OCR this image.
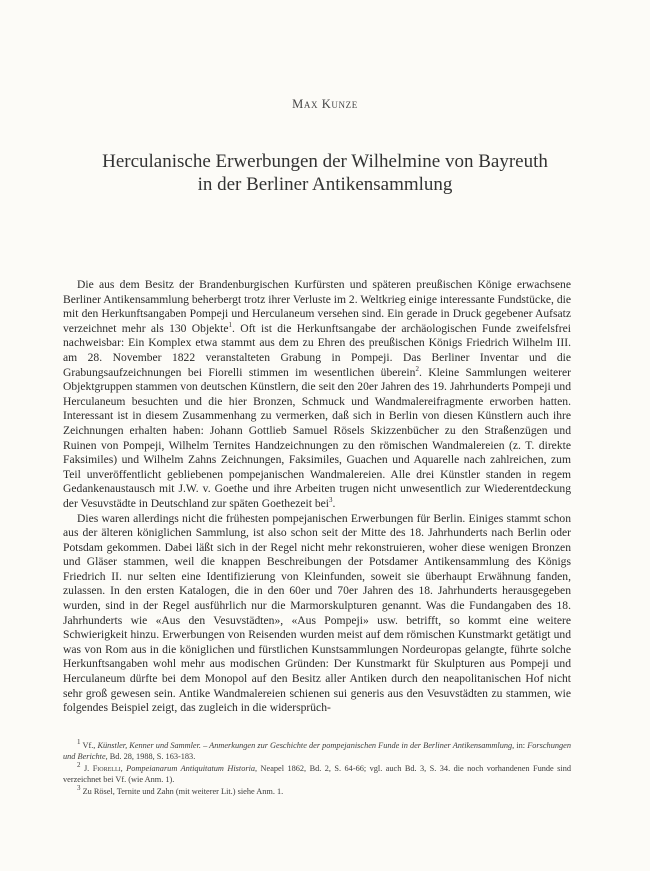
Max Kunze
Herculanische Erwerbungen der Wilhelmine von Bayreuth
in der Berliner Antikensammlung

Die aus dem Besitz der Brandenburgischen Kurfürsten und späteren preußischen Könige erwachsene Berliner Antikensammlung beherbergt trotz ihrer Verluste im 2. Weltkrieg einige interessante Fundstücke, die mit den Herkunftsangaben Pompeji und Herculaneum versehen sind. Ein gerade in Druck gegebener Aufsatz verzeichnet mehr als 130 Objekte$^1$. Oft ist die Herkunftsangabe der archäologischen Funde zweifelsfrei nachweisbar: Ein Komplex etwa stammt aus dem zu Ehren des preußischen Königs Friedrich Wilhelm III. am 28. November 1822 veranstalteten Grabung in Pompeji. Das Berliner Inventar und die Grabungsaufzeichnungen bei Fiorelli stimmen im wesentlichen überein$^2$. Kleine Sammlungen weiterer Objektgruppen stammen von deutschen Künstlern, die seit den 20er Jahren des 19. Jahrhunderts Pompeji und Herculaneum besuchten und die hier Bronzen, Schmuck und Wandmalereifragmente erworben hatten. Interessant ist in diesem Zusammenhang zu vermerken, daß sich in Berlin von diesen Künstlern auch ihre Zeichnungen erhalten haben: Johann Gottlieb Samuel Rösels Skizzenbücher zu den Straßenzügen und Ruinen von Pompeji, Wilhelm Ternites Handzeichnungen zu den römischen Wandmalereien (z. T. direkte Faksimiles) und Wilhelm Zahns Zeichnungen, Faksimiles, Guachen und Aquarelle nach zahlreichen, zum Teil unveröffentlicht gebliebenen pompejanischen Wandmalereien. Alle drei Künstler standen in regem Gedankenaustausch mit J.W. v. Goethe und ihre Arbeiten trugen nicht unwesentlich zur Wiederentdeckung der Vesuvstädte in Deutschland zur späten Goethezeit bei$^3$.

Dies waren allerdings nicht die frühesten pompejanischen Erwerbungen für Berlin. Einiges stammt schon aus der älteren königlichen Sammlung, ist also schon seit der Mitte des 18. Jahrhunderts nach Berlin oder Potsdam gekommen. Dabei läßt sich in der Regel nicht mehr rekonstruieren, woher diese wenigen Bronzen und Gläser stammen, weil die knappen Beschreibungen der Potsdamer Antikensammlung des Königs Friedrich II. nur selten eine Identifizierung von Kleinfunden, soweit sie überhaupt Erwähnung fanden, zulassen. In den ersten Katalogen, die in den 60er und 70er Jahren des 18. Jahrhunderts herausgegeben wurden, sind in der Regel ausführlich nur die Marmorskulpturen genannt. Was die Fundangaben des 18. Jahrhunderts wie «Aus den Vesuvstädten», «Aus Pompeji» usw. betrifft, so kommt eine weitere Schwierigkeit hinzu. Erwerbungen von Reisenden wurden meist auf dem römischen Kunstmarkt getätigt und was von Rom aus in die königlichen und fürstlichen Kunstsammlungen Nordeuropas gelangte, führte solche Herkunftsangaben wohl mehr aus modischen Gründen: Der Kunstmarkt für Skulpturen aus Pompeji und Herculaneum dürfte bei dem Monopol auf den Besitz aller Antiken durch den neapolitanischen Hof nicht sehr groß gewesen sein. Antike Wandmalereien schienen sui generis aus den Vesuvstädten zu stammen, wie folgendes Beispiel zeigt, das zugleich in die widersprüch-

$^1$ Vf., Künstler, Kenner und Sammler. – Anmerkungen zur Geschichte der pompejanischen Funde in der Berliner Antikensammlung, in: Forschungen und Berichte, Bd. 28, 1988, S. 163-183.

$^2$ J. Fiorelli, Pompeianarum Antiquitatum Historia, Neapel 1862, Bd. 2, S. 64-66; vgl. auch Bd. 3, S. 34. die noch vorhandenen Funde sind verzeichnet bei Vf. (wie Anm. 1).

$^3$ Zu Rösel, Ternite und Zahn (mit weiterer Lit.) siehe Anm. 1.
